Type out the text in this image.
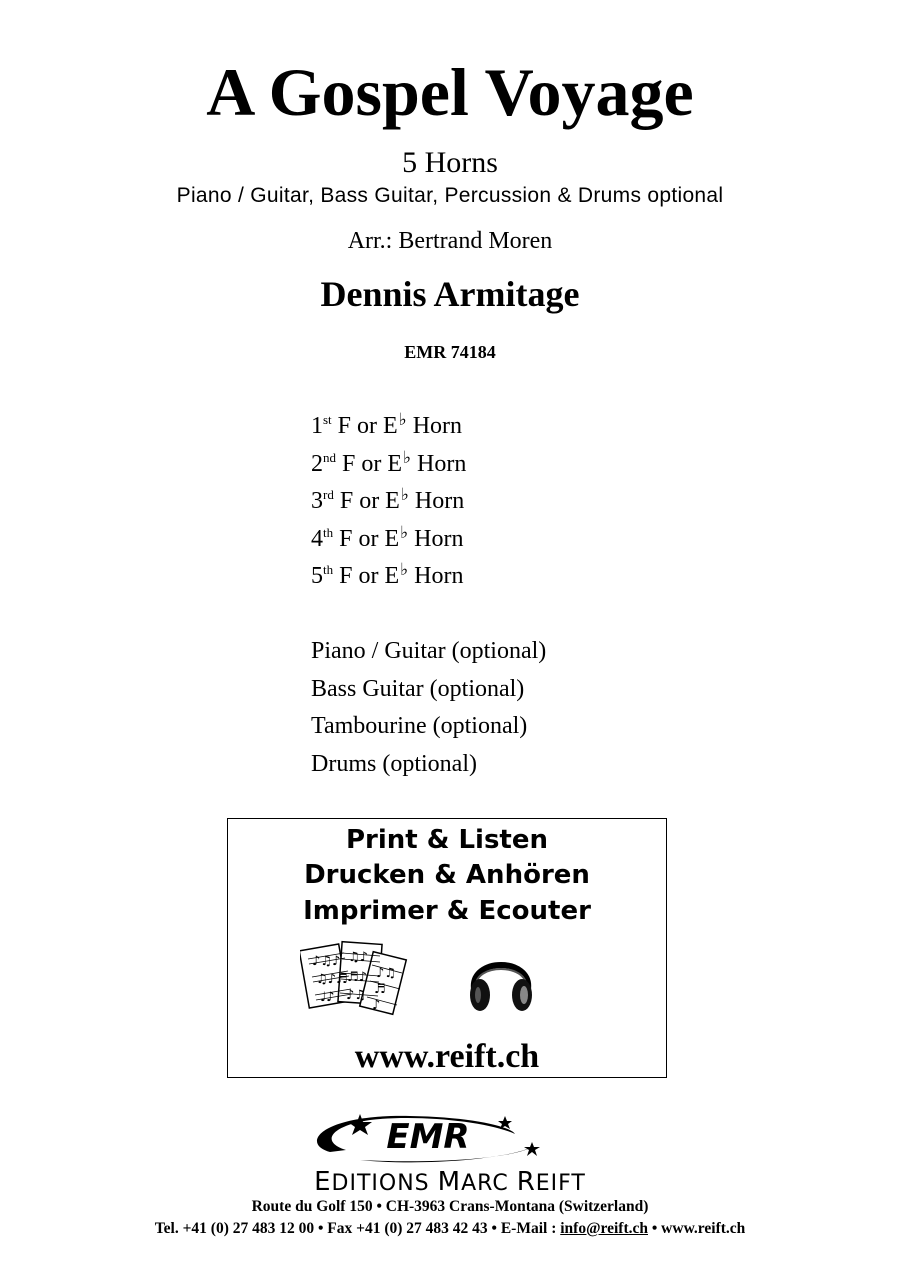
A Gospel Voyage
5 Horns
Piano / Guitar, Bass Guitar, Percussion & Drums optional
Arr.: Bertrand Moren
Dennis Armitage
EMR 74184
1st F or E♭ Horn
2nd F or E♭ Horn
3rd F or E♭ Horn
4th F or E♭ Horn
5th F or E♭ Horn
Piano / Guitar (optional)
Bass Guitar (optional)
Tambourine (optional)
Drums (optional)
Print & Listen
Drucken & Anhören
Imprimer & Ecouter
♪♫♪
♫♪♬
♩♪
♫♪
♬♪
♪♫
♪♫
♬
♪
www.reift.ch
EMR
EDITIONS MARC REIFT
Route du Golf 150 • CH-3963 Crans-Montana (Switzerland)
Tel. +41 (0) 27 483 12 00 • Fax +41 (0) 27 483 42 43 • E-Mail : info@reift.ch • www.reift.ch
